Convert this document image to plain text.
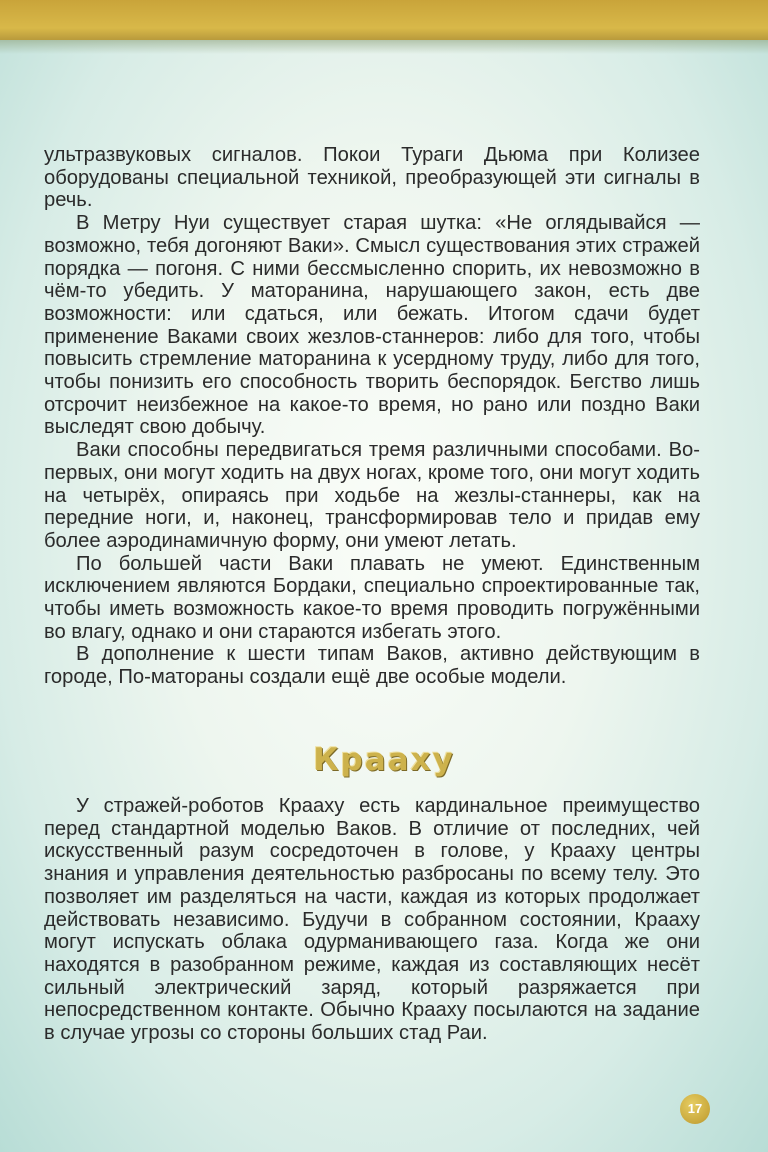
ультразвуковых сигналов. Покои Тураги Дьюма при Колизее оборудованы специальной техникой, преобразующей эти сигналы в речь.

В Метру Нуи существует старая шутка: «Не оглядывайся — возможно, тебя догоняют Ваки». Смысл существования этих стражей порядка — погоня. С ними бессмысленно спорить, их невозможно в чём-то убедить. У матoранина, нарушающего закон, есть две возможности: или сдаться, или бежать. Итогом сдачи будет применение Ваками своих жезлов-станнеров: либо для того, чтобы повысить стремление матoранина к усердному труду, либо для того, чтобы понизить его способность творить беспорядок. Бегство лишь отсрочит неизбежное на какое-то время, но рано или поздно Ваки выследят свою добычу.

Ваки способны передвигаться тремя различными способами. Во-первых, они могут ходить на двух ногах, кроме того, они могут ходить на четырёх, опираясь при ходьбе на жезлы-станнеры, как на передние ноги, и, наконец, трансформировав тело и придав ему более аэродинамичную форму, они умеют летать.

По большей части Ваки плавать не умеют. Единственным исключением являются Бордаки, специально спроектированные так, чтобы иметь возможность какое-то время проводить погружёнными во влагу, однако и они стараются избегать этого.

В дополнение к шести типам Ваков, активно действующим в городе, По-матораны создали ещё две особые модели.

Краахy

У стражей-роботов Краахy есть кардинальное преимущество перед стандартной моделью Ваков. В отличие от последних, чей искусственный разум сосредоточен в голове, у Краахy центры знания и управления деятельностью разбросаны по всему телу. Это позволяет им разделяться на части, каждая из которых продолжает действовать независимо. Будучи в собранном состоянии, Краахy могут испускать облака одурманивающего газа. Когда же они находятся в разобранном режиме, каждая из составляющих несёт сильный электрический заряд, который разряжается при непосредственном контакте. Обычно Краахy посылаются на задание в случае угрозы со стороны больших стад Раи.

17
